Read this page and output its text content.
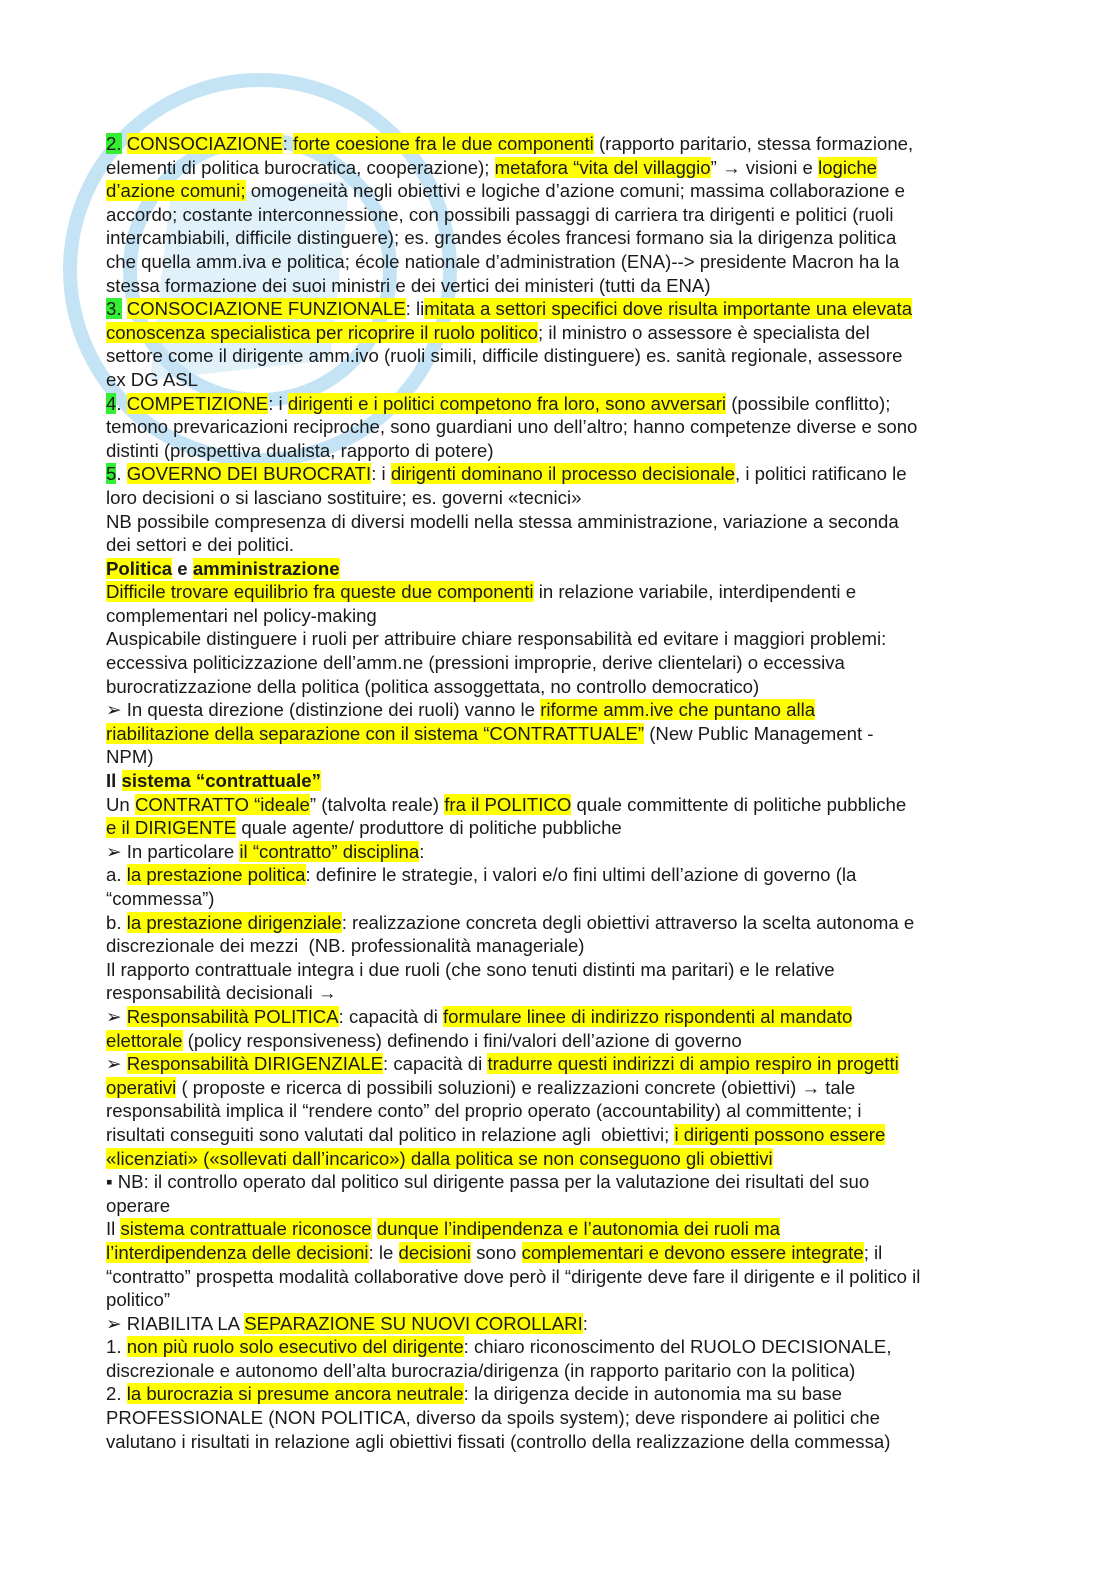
2. CONSOCIAZIONE: forte coesione fra le due componenti (rapporto paritario, stessa formazione,
elementi di politica burocratica, cooperazione); metafora “vita del villaggio” → visioni e logiche
d’azione comuni; omogeneità negli obiettivi e logiche d’azione comuni; massima collaborazione e
accordo; costante interconnessione, con possibili passaggi di carriera tra dirigenti e politici (ruoli
intercambiabili, difficile distinguere); es. grandes écoles francesi formano sia la dirigenza politica
che quella amm.iva e politica; école nationale d’administration (ENA)--> presidente Macron ha la
stessa formazione dei suoi ministri e dei vertici dei ministeri (tutti da ENA)
3. CONSOCIAZIONE FUNZIONALE: limitata a settori specifici dove risulta importante una elevata
conoscenza specialistica per ricoprire il ruolo politico; il ministro o assessore è specialista del
settore come il dirigente amm.ivo (ruoli simili, difficile distinguere) es. sanità regionale, assessore
ex DG ASL
4. COMPETIZIONE: i dirigenti e i politici competono fra loro, sono avversari (possibile conflitto);
temono prevaricazioni reciproche, sono guardiani uno dell’altro; hanno competenze diverse e sono
distinti (prospettiva dualista, rapporto di potere)
5. GOVERNO DEI BUROCRATI: i dirigenti dominano il processo decisionale, i politici ratificano le
loro decisioni o si lasciano sostituire; es. governi «tecnici»
NB possibile compresenza di diversi modelli nella stessa amministrazione, variazione a seconda
dei settori e dei politici.
Politica e amministrazione
Difficile trovare equilibrio fra queste due componenti in relazione variabile, interdipendenti e
complementari nel policy-making
Auspicabile distinguere i ruoli per attribuire chiare responsabilità ed evitare i maggiori problemi:
eccessiva politicizzazione dell’amm.ne (pressioni improprie, derive clientelari) o eccessiva
burocratizzazione della politica (politica assoggettata, no controllo democratico)
➢ In questa direzione (distinzione dei ruoli) vanno le riforme amm.ive che puntano alla
riabilitazione della separazione con il sistema “CONTRATTUALE” (New Public Management -
NPM)
Il sistema “contrattuale”
Un CONTRATTO “ideale” (talvolta reale) fra il POLITICO quale committente di politiche pubbliche
e il DIRIGENTE quale agente/ produttore di politiche pubbliche
➢ In particolare il “contratto” disciplina:
a. la prestazione politica: definire le strategie, i valori e/o fini ultimi dell’azione di governo (la
“commessa”)
b. la prestazione dirigenziale: realizzazione concreta degli obiettivi attraverso la scelta autonoma e
discrezionale dei mezzi  (NB. professionalità manageriale)
Il rapporto contrattuale integra i due ruoli (che sono tenuti distinti ma paritari) e le relative
responsabilità decisionali →
➢ Responsabilità POLITICA: capacità di formulare linee di indirizzo rispondenti al mandato
elettorale (policy responsiveness) definendo i fini/valori dell’azione di governo
➢ Responsabilità DIRIGENZIALE: capacità di tradurre questi indirizzi di ampio respiro in progetti
operativi ( proposte e ricerca di possibili soluzioni) e realizzazioni concrete (obiettivi) → tale
responsabilità implica il “rendere conto” del proprio operato (accountability) al committente; i
risultati conseguiti sono valutati dal politico in relazione agli  obiettivi; i dirigenti possono essere
«licenziati» («sollevati dall’incarico») dalla politica se non conseguono gli obiettivi
▪ NB: il controllo operato dal politico sul dirigente passa per la valutazione dei risultati del suo
operare
Il sistema contrattuale riconosce dunque l’indipendenza e l’autonomia dei ruoli ma
l’interdipendenza delle decisioni: le decisioni sono complementari e devono essere integrate; il
“contratto” prospetta modalità collaborative dove però il “dirigente deve fare il dirigente e il politico il
politico”
➢ RIABILITA LA SEPARAZIONE SU NUOVI COROLLARI:
1. non più ruolo solo esecutivo del dirigente: chiaro riconoscimento del RUOLO DECISIONALE,
discrezionale e autonomo dell’alta burocrazia/dirigenza (in rapporto paritario con la politica)
2. la burocrazia si presume ancora neutrale: la dirigenza decide in autonomia ma su base
PROFESSIONALE (NON POLITICA, diverso da spoils system); deve rispondere ai politici che
valutano i risultati in relazione agli obiettivi fissati (controllo della realizzazione della commessa)
